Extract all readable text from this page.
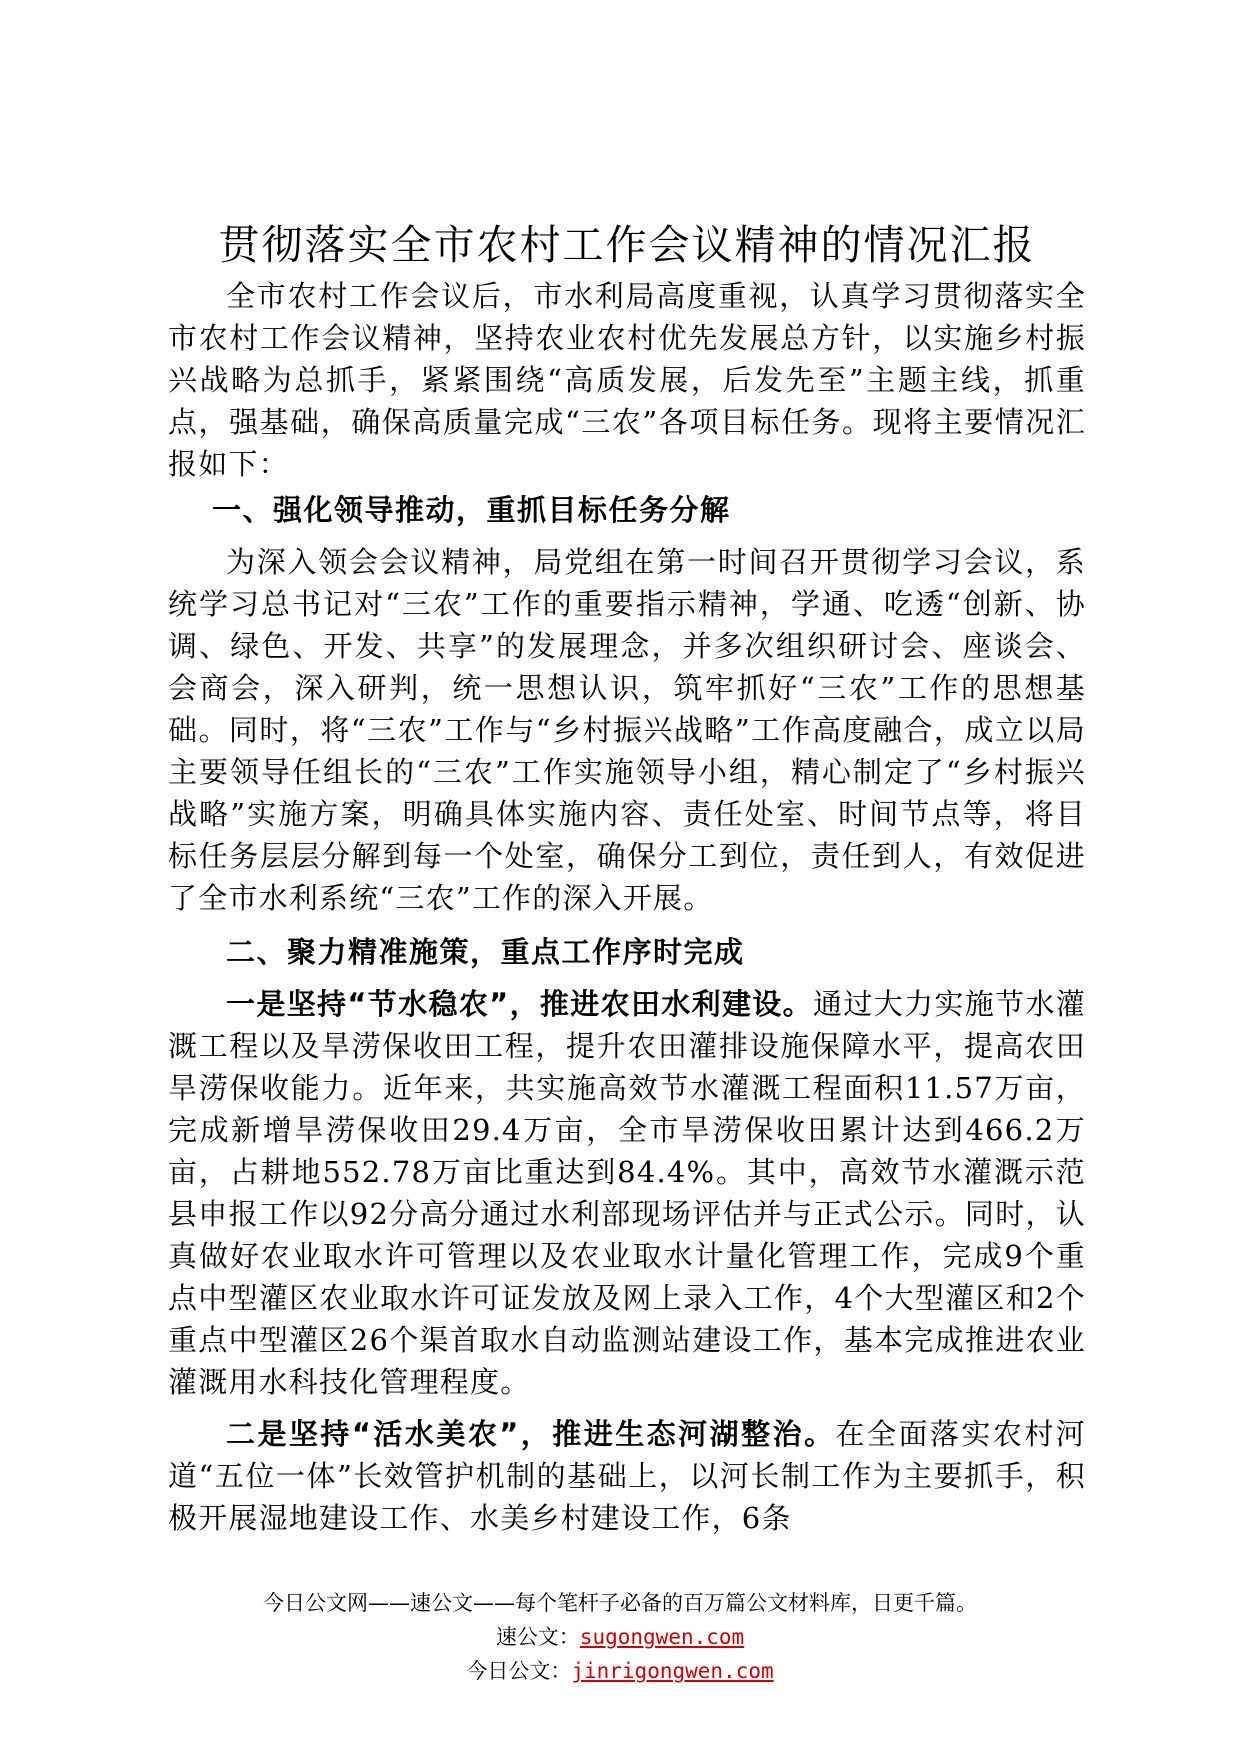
贯彻落实全市农村工作会议精神的情况汇报

全市农村工作会议后，市水利局高度重视，认真学习贯彻落实全市农村工作会议精神，坚持农业农村优先发展总方针，以实施乡村振兴战略为总抓手，紧紧围绕“高质发展，后发先至”主题主线，抓重点，强基础，确保高质量完成“三农”各项目标任务。现将主要情况汇报如下：

一、强化领导推动，重抓目标任务分解

为深入领会会议精神，局党组在第一时间召开贯彻学习会议，系统学习总书记对“三农”工作的重要指示精神，学通、吃透“创新、协调、绿色、开发、共享”的发展理念，并多次组织研讨会、座谈会、会商会，深入研判，统一思想认识，筑牢抓好“三农”工作的思想基础。同时，将“三农”工作与“乡村振兴战略”工作高度融合，成立以局主要领导任组长的“三农”工作实施领导小组，精心制定了“乡村振兴战略”实施方案，明确具体实施内容、责任处室、时间节点等，将目标任务层层分解到每一个处室，确保分工到位，责任到人，有效促进了全市水利系统“三农”工作的深入开展。

二、聚力精准施策，重点工作序时完成

一是坚持“节水稳农”，推进农田水利建设。通过大力实施节水灌溉工程以及旱涝保收田工程，提升农田灌排设施保障水平，提高农田旱涝保收能力。近年来，共实施高效节水灌溉工程面积11.57万亩，完成新增旱涝保收田29.4万亩，全市旱涝保收田累计达到466.2万亩，占耕地552.78万亩比重达到84.4%。其中，高效节水灌溉示范县申报工作以92分高分通过水利部现场评估并与正式公示。同时，认真做好农业取水许可管理以及农业取水计量化管理工作，完成9个重点中型灌区农业取水许可证发放及网上录入工作，4个大型灌区和2个重点中型灌区26个渠首取水自动监测站建设工作，基本完成推进农业灌溉用水科技化管理程度。

二是坚持“活水美农”，推进生态河湖整治。在全面落实农村河道“五位一体”长效管护机制的基础上，以河长制工作为主要抓手，积极开展湿地建设工作、水美乡村建设工作，6条

今日公文网——速公文——每个笔杆子必备的百万篇公文材料库，日更千篇。

速公文：sugongwen.com

今日公文：jinrigongwen.com
